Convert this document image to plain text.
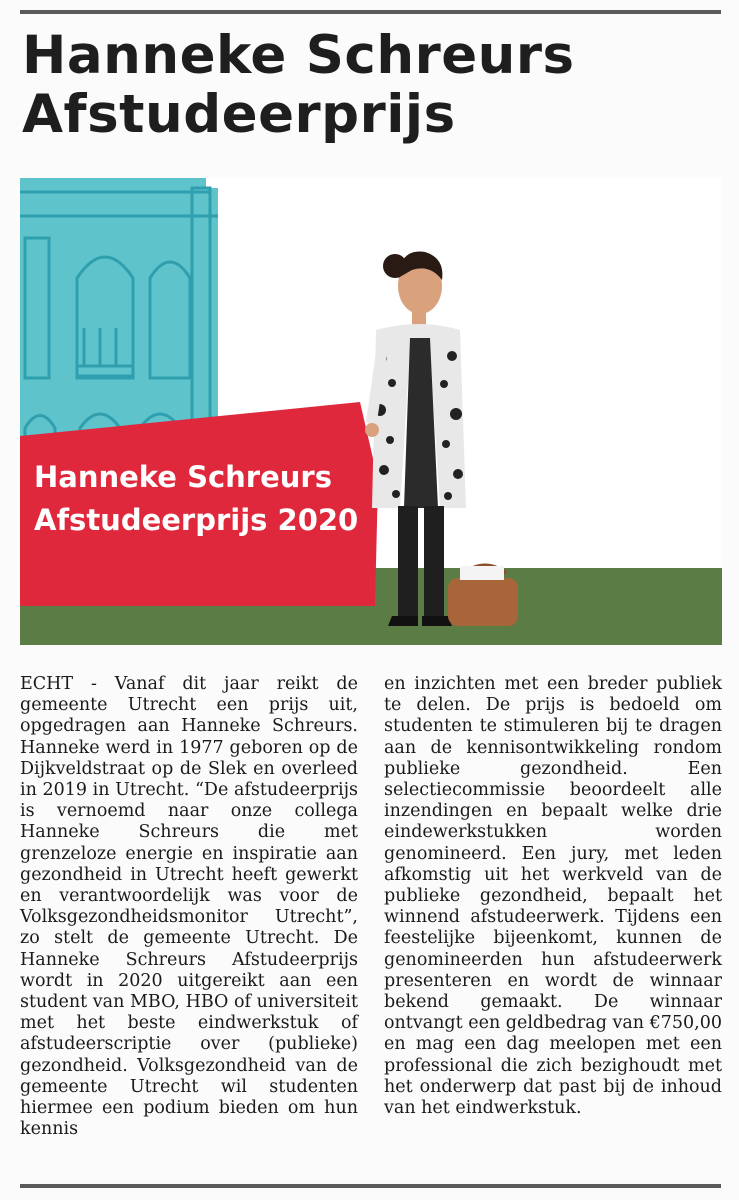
Hanneke Schreurs
Afstudeerprijs
Hanneke Schreurs
Afstudeerprijs 2020

ECHT - Vanaf dit jaar reikt de gemeente Utrecht een prijs uit, opgedragen aan Hanneke Schreurs. Hanneke werd in 1977 geboren op de Dijkveldstraat op de Slek en overleed in 2019 in Utrecht. “De afstudeerprijs is vernoemd naar onze collega Hanneke Schreurs die met grenzeloze energie en inspiratie aan gezondheid in Utrecht heeft gewerkt en verantwoordelijk was voor de Volksgezondheidsmonitor Utrecht”, zo stelt de gemeente Utrecht. De Hanneke Schreurs Afstudeerprijs wordt in 2020 uitgereikt aan een student van MBO, HBO of universiteit met het beste eindwerkstuk of afstudeerscriptie over (publieke) gezondheid. Volksgezondheid van de gemeente Utrecht wil studenten hiermee een podium bieden om hun kennis

en inzichten met een breder publiek te delen. De prijs is bedoeld om studenten te stimuleren bij te dragen aan de kennisontwikkeling rondom publieke gezondheid. Een selectiecommissie beoordeelt alle inzendingen en bepaalt welke drie eindewerkstukken worden genomineerd. Een jury, met leden afkomstig uit het werkveld van de publieke gezondheid, bepaalt het winnend afstudeerwerk. Tijdens een feestelijke bijeenkomt, kunnen de genomineerden hun afstudeerwerk presenteren en wordt de winnaar bekend gemaakt. De winnaar ontvangt een geldbedrag van €750,00 en mag een dag meelopen met een professional die zich bezighoudt met het onderwerp dat past bij de inhoud van het eindwerkstuk.
